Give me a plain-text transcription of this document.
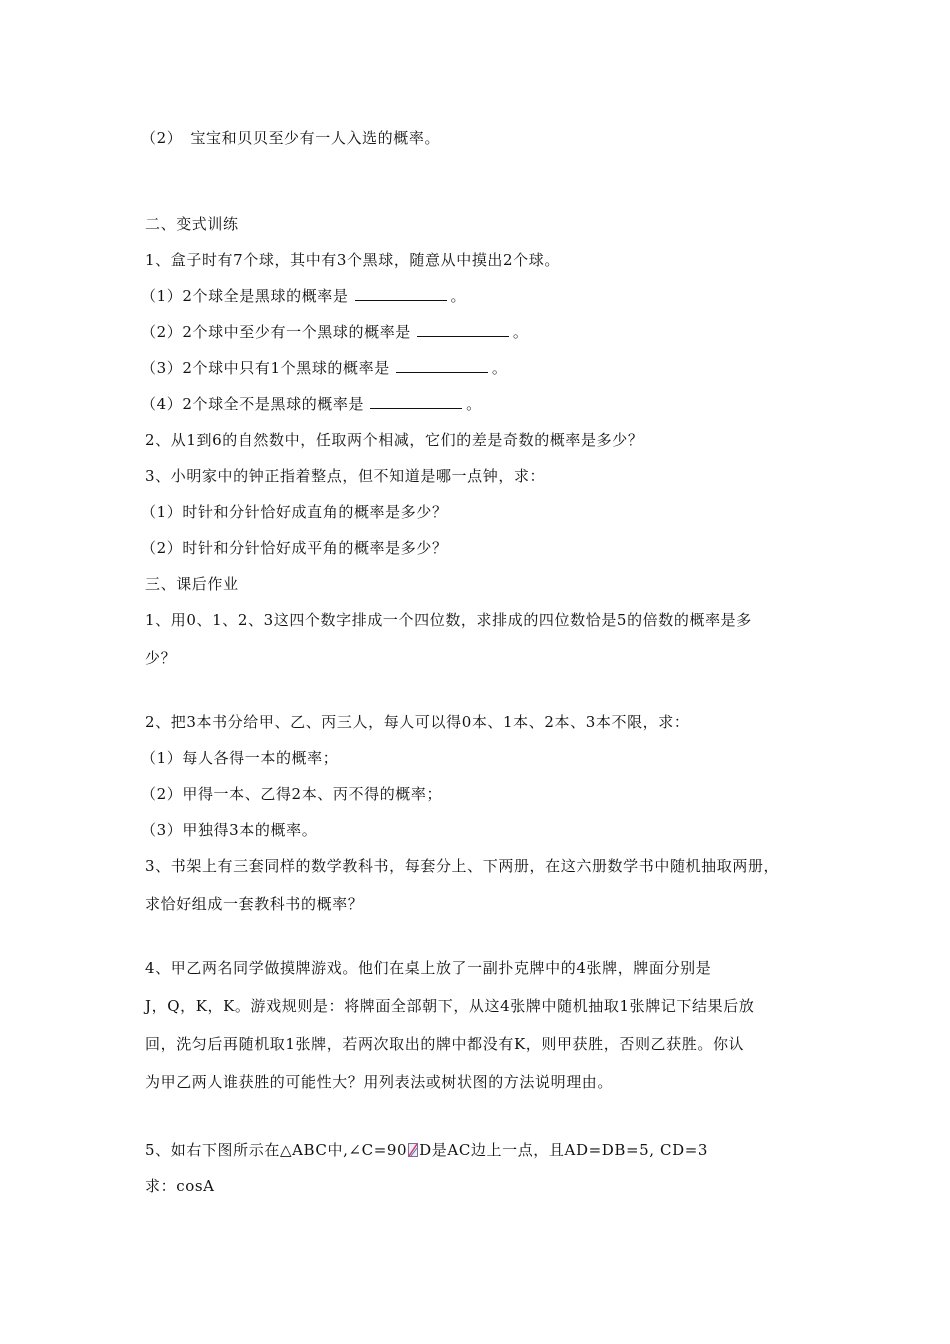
（2）　宝宝和贝贝至少有一人入选的概率。
二、变式训练
1、盒子时有7个球，其中有3个黑球，随意从中摸出2个球。
（1）2个球全是黑球的概率是	。
（2）2个球中至少有一个黑球的概率是	。
（3）2个球中只有1个黑球的概率是	。
（4）2个球全不是黑球的概率是	。
2、从1到6的自然数中，任取两个相减，它们的差是奇数的概率是多少？
3、小明家中的钟正指着整点，但不知道是哪一点钟，求：
（1）时针和分针恰好成直角的概率是多少？
（2）时针和分针恰好成平角的概率是多少？
三、课后作业
1、用0、1、2、3这四个数字排成一个四位数，求排成的四位数恰是5的倍数的概率是多
少？
2、把3本书分给甲、乙、丙三人，每人可以得0本、1本、2本、3本不限，求：
（1）每人各得一本的概率；
（2）甲得一本、乙得2本、丙不得的概率；
（3）甲独得3本的概率。
3、书架上有三套同样的数学教科书，每套分上、下两册，在这六册数学书中随机抽取两册，
求恰好组成一套教科书的概率？
4、甲乙两名同学做摸牌游戏。他们在桌上放了一副扑克牌中的4张牌，牌面分别是
J，Q，K，K。游戏规则是：将牌面全部朝下，从这4张牌中随机抽取1张牌记下结果后放
回，洗匀后再随机取1张牌，若两次取出的牌中都没有K，则甲获胜，否则乙获胜。你认
为甲乙两人谁获胜的可能性大？用列表法或树状图的方法说明理由。
5、如右下图所示在△ABC中,∠C=90 D是AC边上一点，且AD=DB=5, CD=3
求：cosA
